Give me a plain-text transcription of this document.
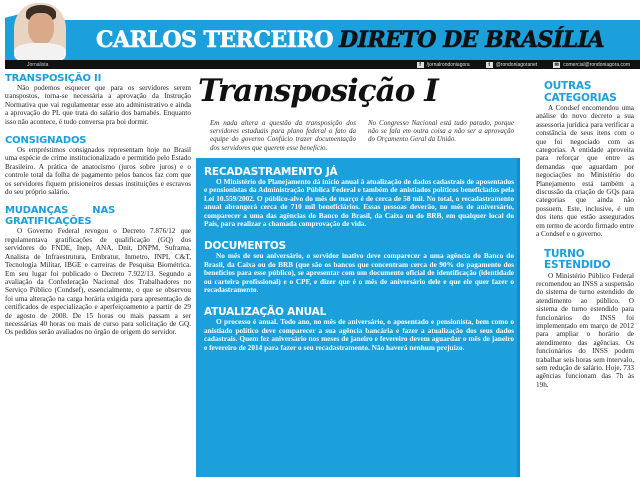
CARLOS TERCEIRO DIRETO DE BRASÍLIA
Jornalista	f	/jornalrondoniagora	t	@rondoniagoranet	✉ comercial@rondoniagora.com
TRANSPOSIÇÃO II

Não podemos esquecer que para os servidores serem transpostos, torna-se necessária a aprovação da Instrução Normativa que vai regulamentar esse ato administrativo e ainda a aprovação do PL que trata do salário dos barnabés. Enquanto isso não acontece, é tudo conversa pra boi dormir.

CONSIGNADOS

Os empréstimos consignados representam hoje no Brasil uma espécie de crime institucionalizado e permitido pelo Estado Brasileiro. A prática de anatocismo (juros sobre juros) e o controle total da folha de pagamento pelos bancos faz com que os servidores fiquem prisioneiros dessas instituições e escravos do seu próprio salário.

MUDANÇAS NAS GRATIFICAÇÕES

O Governo Federal revogou o Decreto 7.876/12 que regulamentava gratificações de qualificação (GQ) dos servidores do FNDE, Inep, ANA, Dnit, DNPM, Suframa, Analista de Infraestrutura, Embratur, Inmetro, INPI, C&T, Tecnologia Militar, IBGE e carreiras de Pesquisa Biométrica. Em seu lugar foi publicado o Decreto 7.922/13. Segundo a avaliação da Confederação Nacional dos Trabalhadores no Serviço Público (Condsef), essencialmente, o que se observou foi uma alteração na carga horária exigida para apresentação de certificados de especialização e aperfeiçoamento a partir de 29 de agosto de 2008. De 15 horas ou mais passam a ser necessárias 40 horas ou mais de curso para solicitação de GQ. Os pedidos serão avaliados no órgão de origem do servidor.

Transposição I
Em nada altera a questão da transposição dos servidores estaduais para plano federal o fato da equipe do governo Confúcio trazer documentação dos servidores que querem esse benefício.
No Congresso Nacional está tudo parado, porque não se fala em outra coisa a não ser a aprovação do Orçamento Geral da União.
RECADASTRAMENTO JÁ

O Ministério do Planejamento dá início anual à atualização de dados cadastrais de aposentados e pensionistas da Administração Pública Federal e também de anistiados políticos beneficiados pela Lei 10.559/2002. O público-alvo do mês de março é de cerca de 58 mil. No total, o recadastramento anual abrangerá cerca de 710 mil beneficiários. Essas pessoas deverão, no mês de aniversário, comparecer a uma das agências do Banco do Brasil, da Caixa ou do BRB, em qualquer local do País, para realizar a chamada comprovação de vida.

DOCUMENTOS

No mês de seu aniversário, o servidor inativo deve comparecer a uma agência do Banco do Brasil, da Caixa ou do BRB (que são os bancos que concentram cerca de 90% do pagamento dos benefícios para esse público), se apresentar com um documento oficial de identificação (identidade ou carteira profissional) e o CPF, e dizer que é o mês de aniversário dele e que ele quer fazer o recadastramento.

ATUALIZAÇÃO ANUAL

O processo é anual. Todo ano, no mês de aniversário, o aposentado e pensionista, bem como o anistiado político deve comparecer a sua agência bancária e fazer a atualização dos seus dados cadastrais. Quem fez aniversário nos meses de janeiro e fevereiro devem aguardar o mês de janeiro e fevereiro de 2014 para fazer o seu recadastramento. Não haverá nenhum prejuízo.

OUTRAS CATEGORIAS

A Condsef encomendou uma análise do novo decreto a sua assessoria jurídica para verificar a constância de seus itens com o que foi negociado com as categorias. A entidade aproveita para reforçar que entre as demandas que aguardam por negociações no Ministério do Planejamento está também a discussão da criação de GQs para categorias que ainda não possuem. Este, inclusive, é um dos itens que estão assegurados em termo de acordo firmado entre a Condsef e o governo.

TURNO ESTENDIDO

O Ministério Público Federal recomendou ao INSS a suspensão do sistema de turno estendido de atendimento ao público. O sistema de turno estendido para funcionários do INSS foi implementado em março de 2012 para ampliar o horário de atendimento das agências. Os funcionários do INSS podem trabalhar seis horas sem intervalo, sem redução de salário. Hoje, 733 agências funcionam das 7h às 19h.
